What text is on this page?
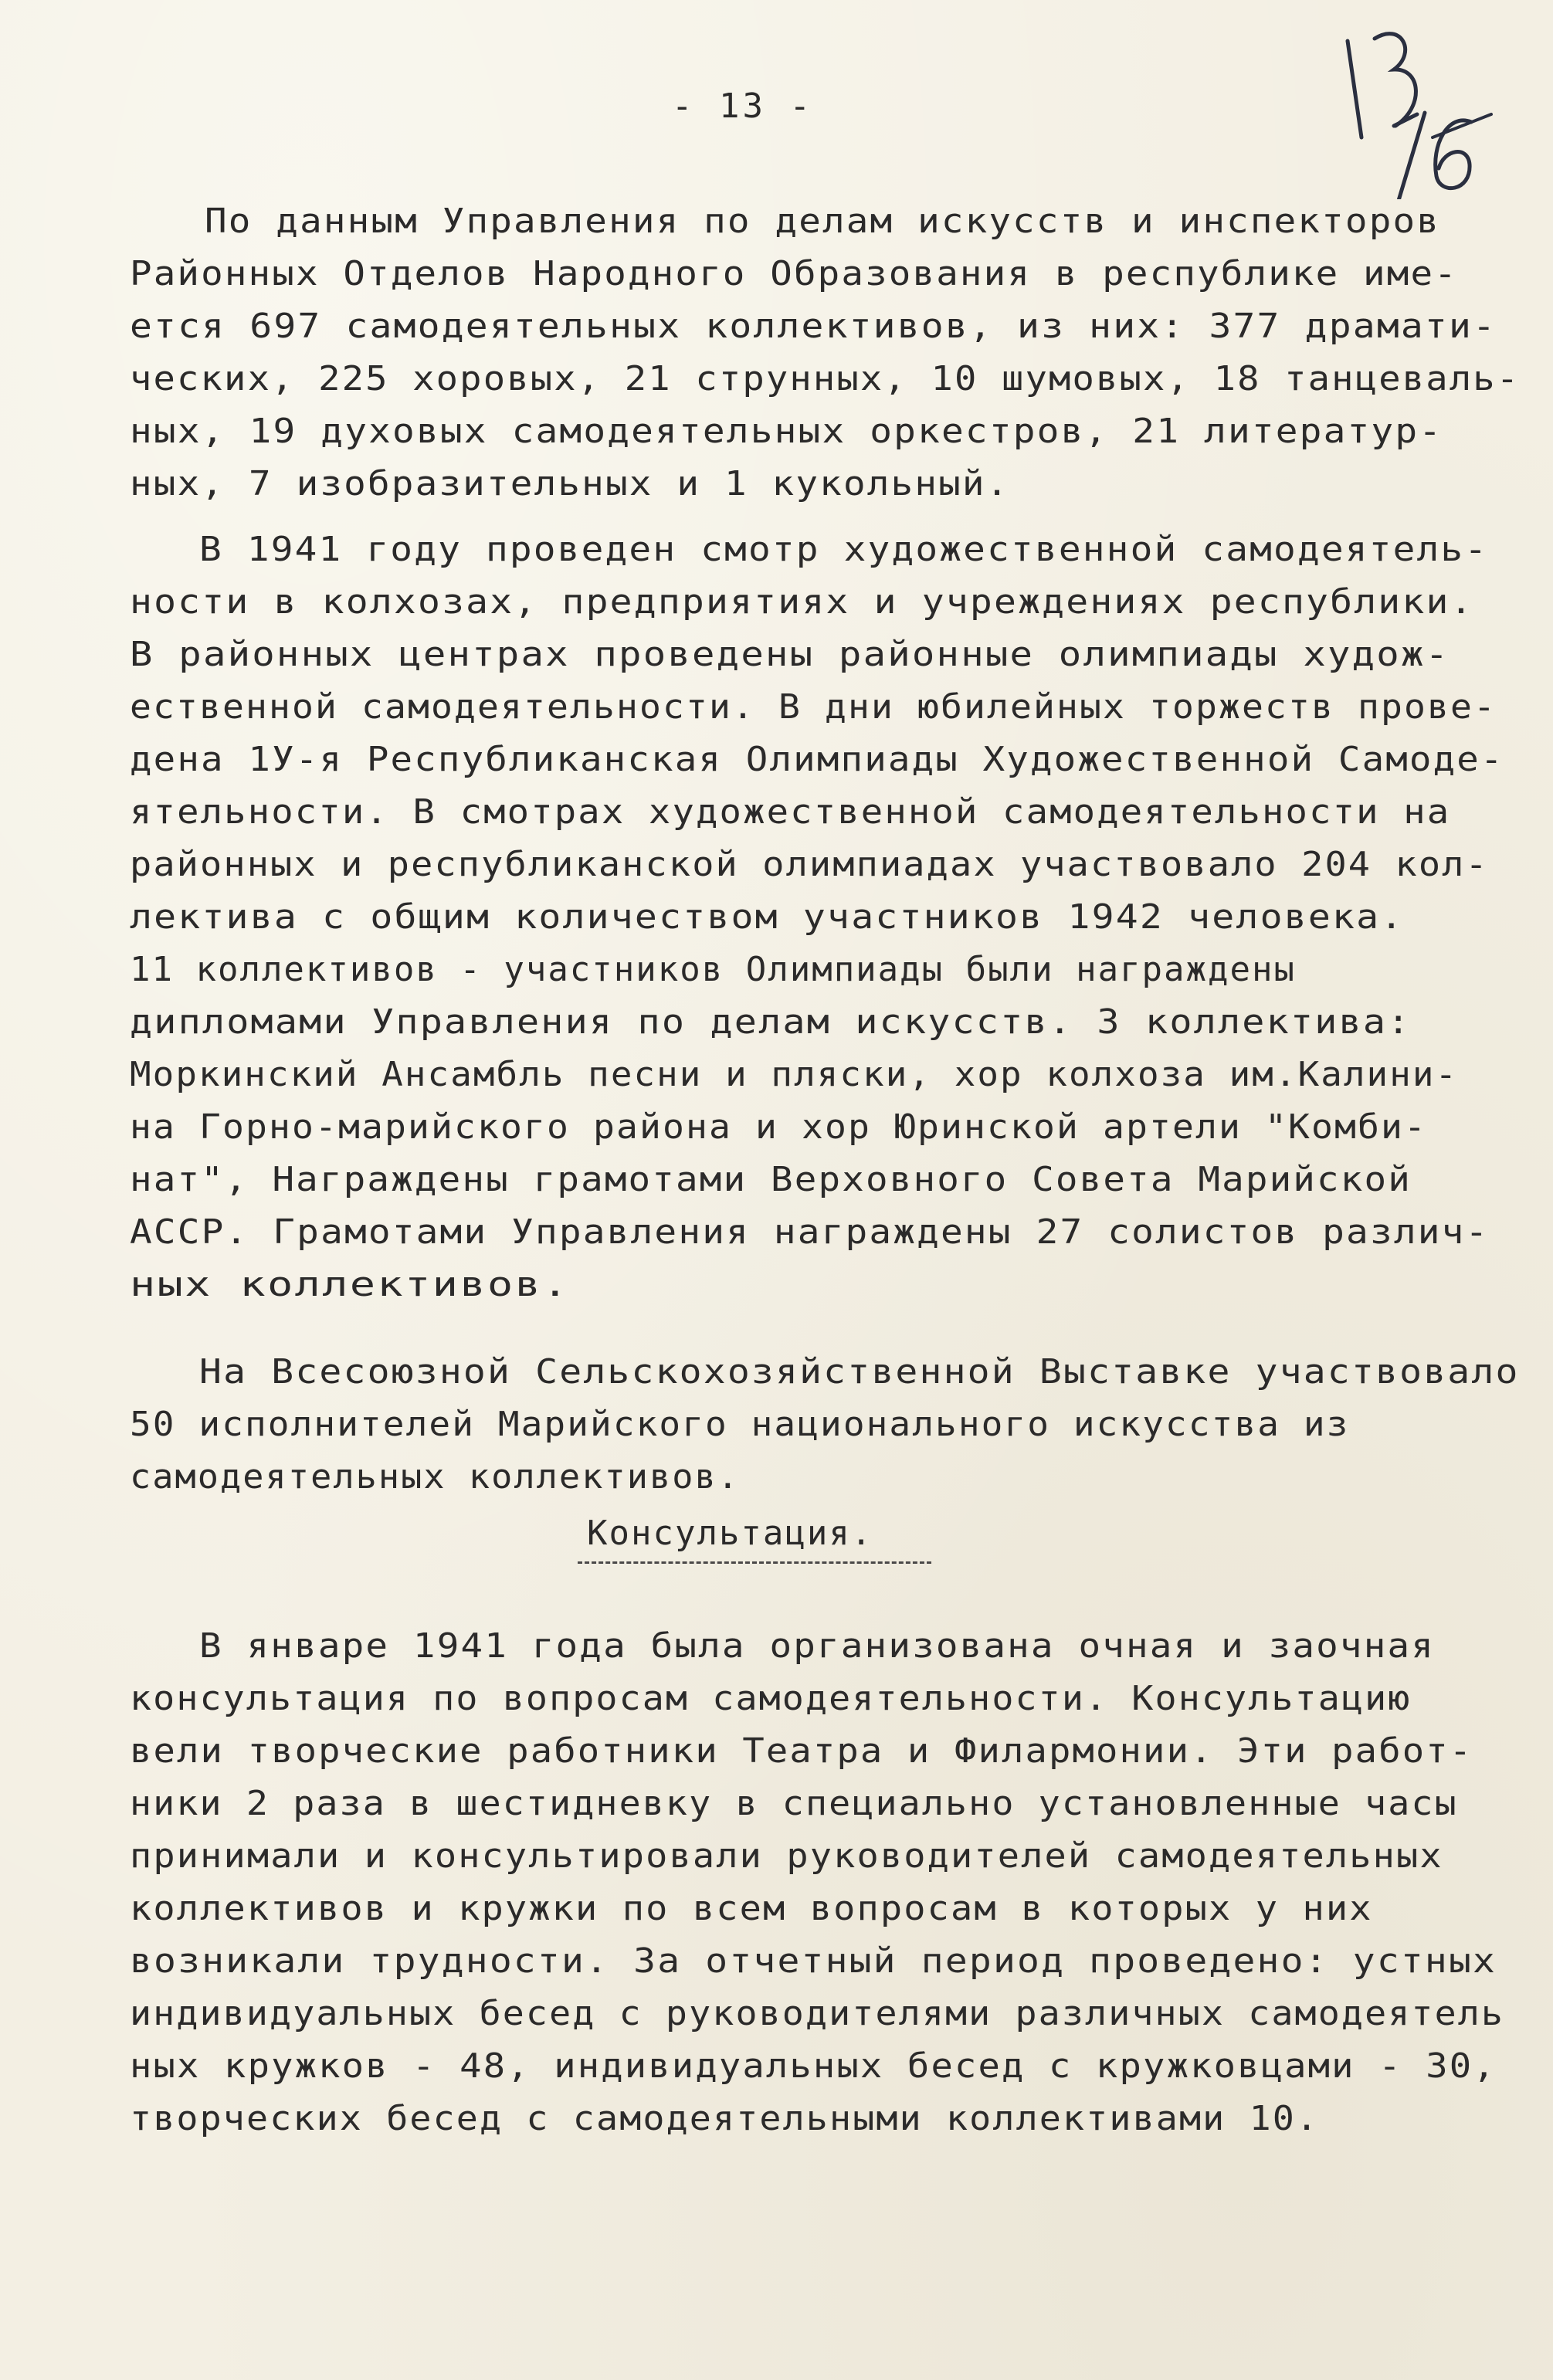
- 13 -
По данным Управления по делам искусств и инспекторов
Районных Отделов Народного Образования в республике име-
ется 697 самодеятельных коллективов, из них: 377 драмати-
ческих, 225 хоровых, 21 струнных, 10 шумовых, 18 танцеваль-
ных, 19 духовых самодеятельных оркестров, 21 литератур-
ных, 7 изобразительных и 1 кукольный.
В 1941 году проведен смотр художественной самодеятель-
ности в колхозах, предприятиях и учреждениях республики.
В районных центрах проведены районные олимпиады худож-
ественной самодеятельности. В дни юбилейных торжеств прове-
дена 1У-я Республиканская Олимпиады Художественной Самоде-
ятельности. В смотрах художественной самодеятельности на
районных и республиканской олимпиадах участвовало 204 кол-
лектива с общим количеством участников 1942 человека.
11 коллективов - участников Олимпиады были награждены
дипломами Управления по делам искусств. 3 коллектива:
Моркинский Ансамбль песни и пляски, хор колхоза им.Калини-
на Горно-марийского района и хор Юринской артели "Комби-
нат", Награждены грамотами Верховного Совета Марийской
АССР. Грамотами Управления награждены 27 солистов различ-
ных коллективов.
На Всесоюзной Сельскохозяйственной Выставке участвовало
50 исполнителей Марийского национального искусства из
самодеятельных коллективов.
В январе 1941 года была организована очная и заочная
консультация по вопросам самодеятельности. Консультацию
вели творческие работники Театра и Филармонии. Эти работ-
ники 2 раза в шестидневку в специально установленные часы
принимали и консультировали руководителей самодеятельных
коллективов и кружки по всем вопросам в которых у них
возникали трудности. За отчетный период проведено: устных
индивидуальных бесед с руководителями различных самодеятель
ных кружков - 48, индивидуальных бесед с кружковцами - 30,
творческих бесед с самодеятельными коллективами 10.
Консультация.
